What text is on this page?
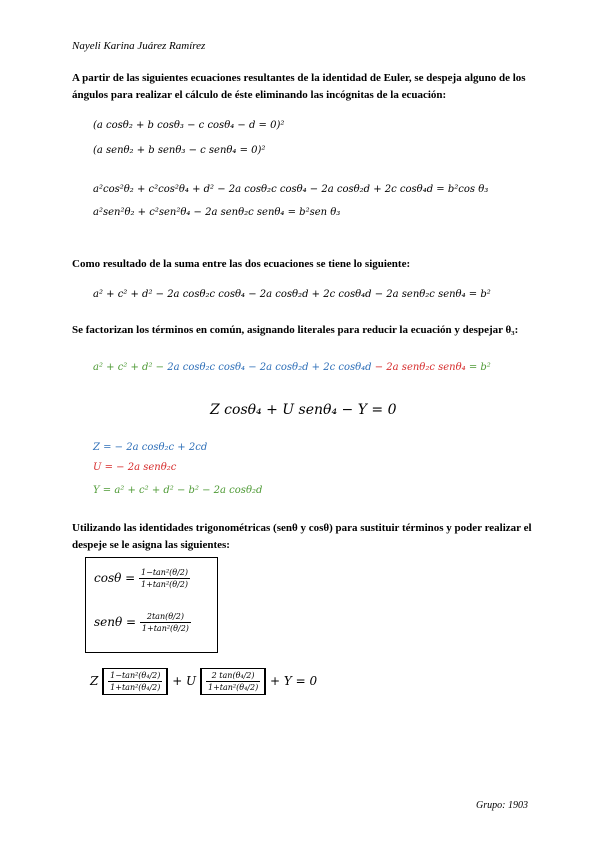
Nayeli Karina Juárez Ramírez
A partir de las siguientes ecuaciones resultantes de la identidad de Euler, se despeja alguno de los ángulos para realizar el cálculo de éste eliminando las incógnitas de la ecuación:
(a cosθ₂ + b cosθ₃ − c cosθ₄ − d = 0)²
(a senθ₂ + b senθ₃ − c senθ₄ = 0)²
a²cos²θ₂ + c²cos²θ₄ + d² − 2a cosθ₂c cosθ₄ − 2a cosθ₂d + 2c cosθ₄d = b²cos θ₃
a²sen²θ₂ + c²sen²θ₄ − 2a senθ₂c senθ₄ = b²sen θ₃
Como resultado de la suma entre las dos ecuaciones se tiene lo siguiente:
a² + c² + d² − 2a cosθ₂c cosθ₄ − 2a cosθ₂d + 2c cosθ₄d − 2a senθ₂c senθ₄ = b²
Se factorizan los términos en común, asignando literales para reducir la ecuación y despejar θ₃:
a² + c² + d² − 2a cosθ₂c cosθ₄ − 2a cosθ₂d + 2c cosθ₄d − 2a senθ₂c senθ₄ = b²
Z cosθ₄ + U senθ₄ − Y = 0
Z = − 2a cosθ₂c + 2cd
U = − 2a senθ₂c
Y = a² + c² + d² − b² − 2a cosθ₂d
Utilizando las identidades trigonométricas (senθ y cosθ) para sustituir términos y poder realizar el despeje se le asigna las siguientes:
$\cos\theta = \frac{\text{1−tan²(θ/2)}}{\text{1+tan²(θ/2)}}$
$sen\theta = \frac{2\tan(\theta/2)}{\text{1+tan²(θ/2)}}$
Z $\frac{\text{1−tan²(θ₄/2)}}{\text{1+tan²(θ₄/2)}} + U \frac{\text{2 tan(θ₄/2)}}{\text{1+tan²(θ₄/2)}} + Y = 0$
Grupo: 1903
